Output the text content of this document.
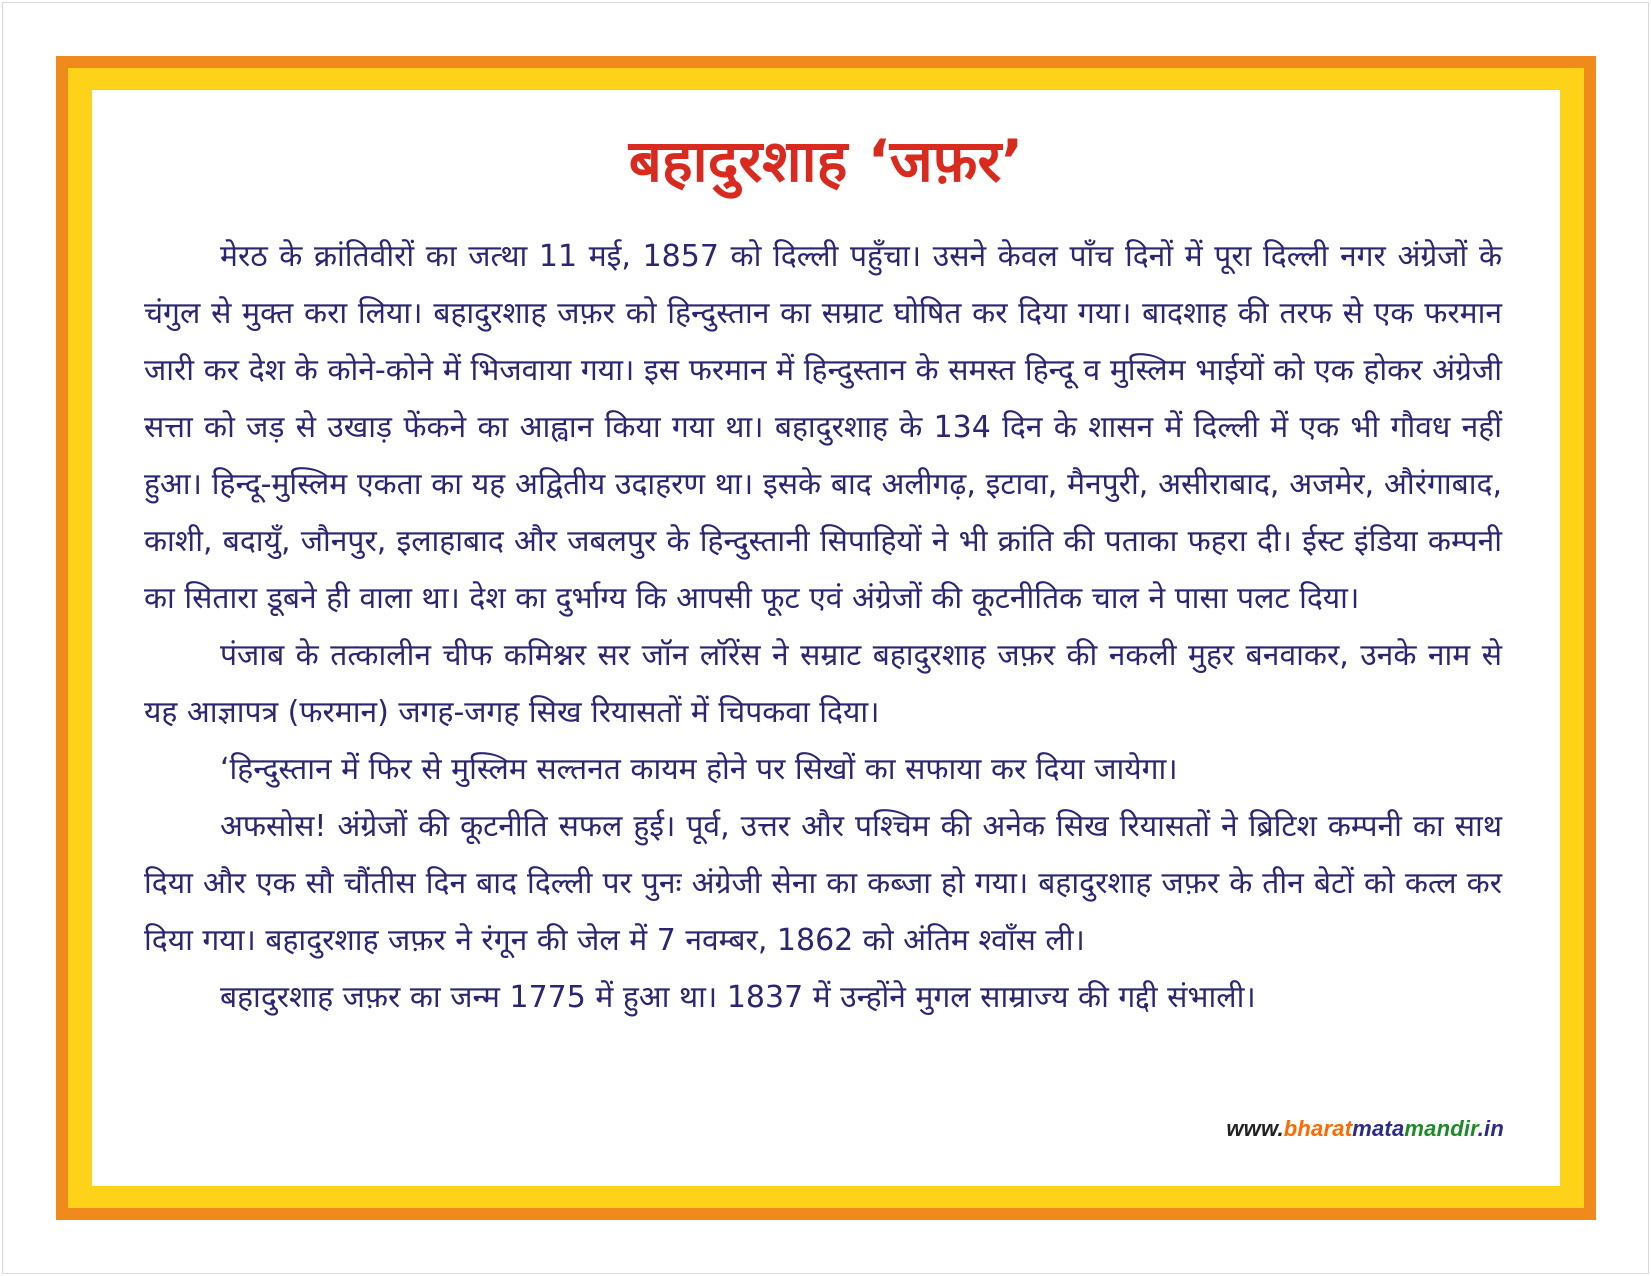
बहादुरशाह ‘जफ़र’

मेरठ के क्रांतिवीरों का जत्था 11 मई, 1857 को दिल्ली पहुँचा। उसने केवल पाँच दिनों में पूरा दिल्ली नगर अंग्रेजों के चंगुल से मुक्त करा लिया। बहादुरशाह जफ़र को हिन्दुस्तान का सम्राट घोषित कर दिया गया। बादशाह की तरफ से एक फरमान जारी कर देश के कोने-कोने में भिजवाया गया। इस फरमान में हिन्दुस्तान के समस्त हिन्दू व मुस्लिम भाईयों को एक होकर अंग्रेजी सत्ता को जड़ से उखाड़ फेंकने का आह्वान किया गया था। बहादुरशाह के 134 दिन के शासन में दिल्ली में एक भी गौवध नहीं हुआ। हिन्दू-मुस्लिम एकता का यह अद्वितीय उदाहरण था। इसके बाद अलीगढ़, इटावा, मैनपुरी, असीराबाद, अजमेर, औरंगाबाद, काशी, बदायुँ, जौनपुर, इलाहाबाद और जबलपुर के हिन्दुस्तानी सिपाहियों ने भी क्रांति की पताका फहरा दी। ईस्ट इंडिया कम्पनी का सितारा डूबने ही वाला था। देश का दुर्भाग्य कि आपसी फूट एवं अंग्रेजों की कूटनीतिक चाल ने पासा पलट दिया।

पंजाब के तत्कालीन चीफ कमिश्नर सर जॉन लॉरेंस ने सम्राट बहादुरशाह जफ़र की नकली मुहर बनवाकर, उनके नाम से यह आज्ञापत्र (फरमान) जगह-जगह सिख रियासतों में चिपकवा दिया।

‘हिन्दुस्तान में फिर से मुस्लिम सल्तनत कायम होने पर सिखों का सफाया कर दिया जायेगा।

अफसोस! अंग्रेजों की कूटनीति सफल हुई। पूर्व, उत्तर और पश्चिम की अनेक सिख रियासतों ने ब्रिटिश कम्पनी का साथ दिया और एक सौ चौंतीस दिन बाद दिल्ली पर पुनः अंग्रेजी सेना का कब्जा हो गया। बहादुरशाह जफ़र के तीन बेटों को कत्ल कर दिया गया। बहादुरशाह जफ़र ने रंगून की जेल में 7 नवम्बर, 1862 को अंतिम श्वाँस ली।

बहादुरशाह जफ़र का जन्म 1775 में हुआ था। 1837 में उन्होंने मुगल साम्राज्य की गद्दी संभाली।

www.bharatmatamandir.in
